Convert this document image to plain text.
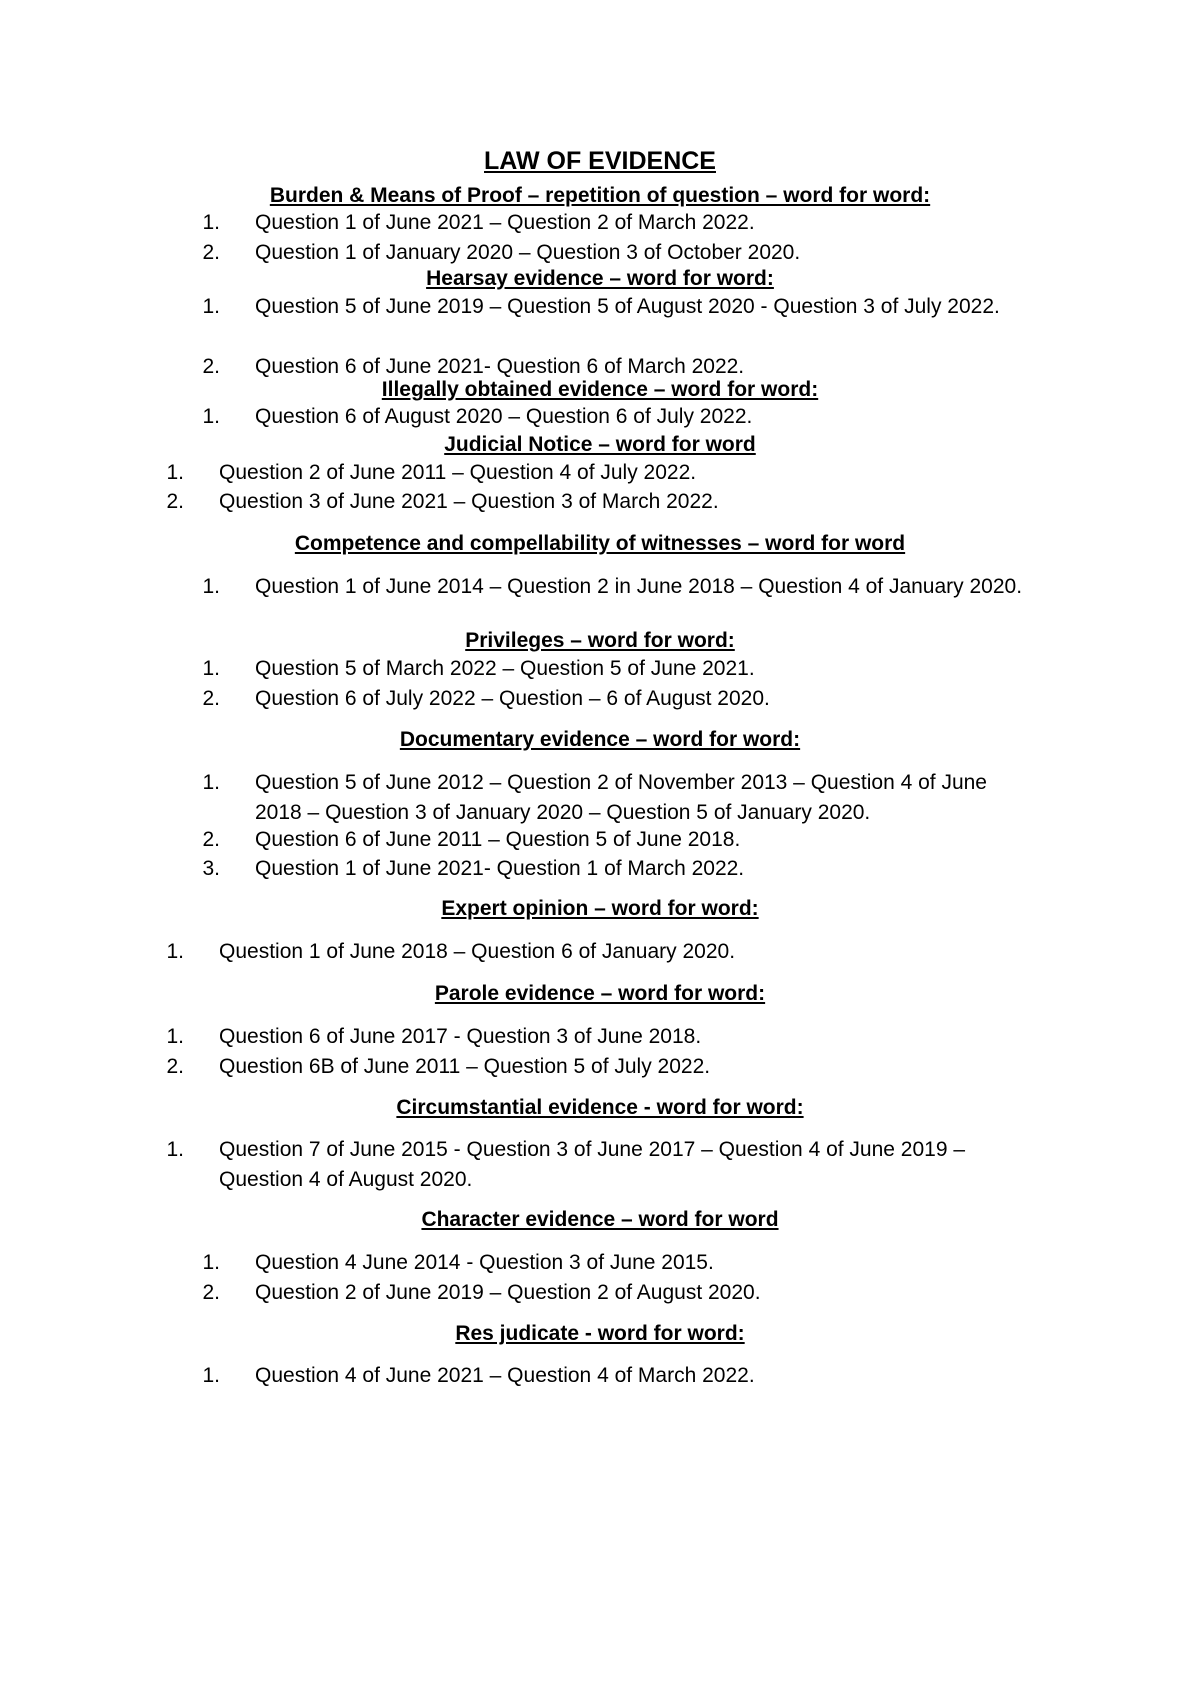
LAW OF EVIDENCE
Burden & Means of Proof – repetition of question – word for word:
1. Question 1 of June 2021 – Question 2 of March 2022.
2. Question 1 of January 2020 – Question 3 of October 2020.
Hearsay evidence – word for word:
1. Question 5 of June 2019 – Question 5 of August 2020 - Question 3 of July 2022.
2. Question 6 of June 2021- Question 6 of March 2022.
Illegally obtained evidence – word for word:
1. Question 6 of August 2020 – Question 6 of July 2022.
Judicial Notice – word for word
1. Question 2 of June 2011 – Question 4 of July 2022.
2. Question 3 of June 2021 – Question 3 of March 2022.
Competence and compellability of witnesses – word for word
1. Question 1 of June 2014 – Question 2 in June 2018 – Question 4 of January 2020.
Privileges – word for word:
1. Question 5 of March 2022 – Question 5 of June 2021.
2. Question 6 of July 2022 – Question – 6 of August 2020.
Documentary evidence – word for word:
1. Question 5 of June 2012 – Question 2 of November 2013 – Question 4 of June 2018 – Question 3 of January 2020 – Question 5 of January 2020.
2. Question 6 of June 2011 – Question 5 of June 2018.
3. Question 1 of June 2021- Question 1 of March 2022.
Expert opinion – word for word:
1. Question 1 of June 2018 – Question 6 of January 2020.
Parole evidence – word for word:
1. Question 6 of June 2017 - Question 3 of June 2018.
2. Question 6B of June 2011 – Question 5 of July 2022.
Circumstantial evidence - word for word:
1. Question 7 of June 2015 - Question 3 of June 2017 – Question 4 of June 2019 – Question 4 of August 2020.
Character evidence – word for word
1. Question 4 June 2014 - Question 3 of June 2015.
2. Question 2 of June 2019 – Question 2 of August 2020.
Res judicate - word for word:
1. Question 4 of June 2021 – Question 4 of March 2022.
